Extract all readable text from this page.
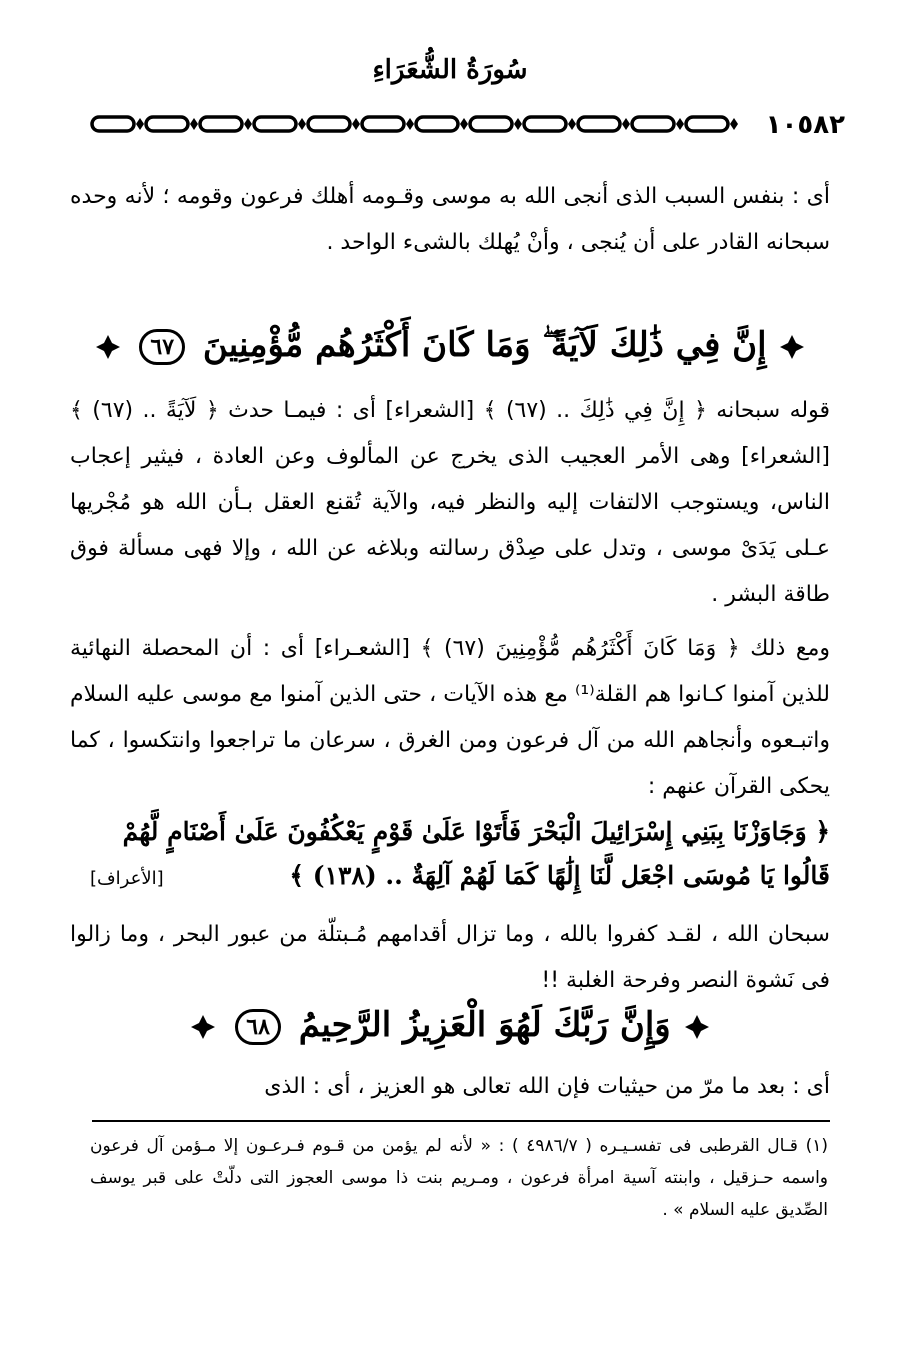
سُورَةُ الشُّعَرَاءِ
١٠٥٨٢
أى : بنفس السبب الذى أنجى الله به موسى وقـومه أهلك فرعون وقومه ؛ لأنه وحده سبحانه القادر على أن يُنجى ، وأنْ يُهلك بالشىء الواحد .
إِنَّ فِي ذَٰلِكَ لَآيَةً ۖ وَمَا كَانَ أَكْثَرُهُم مُّؤْمِنِينَ ٦٧
قوله سبحانه ﴿ إِنَّ فِي ذَٰلِكَ .. (٦٧) ﴾ [الشعراء] أى : فيمـا حدث ﴿ لَآيَةً .. (٦٧) ﴾ [الشعراء] وهى الأمر العجيب الذى يخرج عن المألوف وعن العادة ، فيثير إعجاب الناس، ويستوجب الالتفات إليه والنظر فيه، والآية تُقنع العقل بـأن الله هو مُجْريها عـلى يَدَىْ موسى ، وتدل على صِدْق رسالته وبلاغه عن الله ، وإلا فهى مسألة فوق طاقة البشر .
ومع ذلك ﴿ وَمَا كَانَ أَكْثَرُهُم مُّؤْمِنِينَ (٦٧) ﴾ [الشعـراء] أى : أن المحصلة النهائية للذين آمنوا كـانوا هم القلة⁽¹⁾ مع هذه الآيات ، حتى الذين آمنوا مع موسى عليه السلام واتبـعوه وأنجاهم الله من آل فرعون ومن الغرق ، سرعان ما تراجعوا وانتكسوا ، كما يحكى القرآن عنهم :
﴿ وَجَاوَزْنَا بِبَنِي إِسْرَائِيلَ الْبَحْرَ فَأَتَوْا عَلَىٰ قَوْمٍ يَعْكُفُونَ عَلَىٰ أَصْنَامٍ لَّهُمْ
قَالُوا يَا مُوسَى اجْعَل لَّنَا إِلَٰهًا كَمَا لَهُمْ آلِهَةٌ .. (١٣٨) ﴾
[الأعراف]
سبحان الله ، لقـد كفروا بالله ، وما تزال أقدامهم مُـبتلّة من عبور البحر ، وما زالوا فى نَشوة النصر وفرحة الغلبة !!
وَإِنَّ رَبَّكَ لَهُوَ الْعَزِيزُ الرَّحِيمُ ٦٨
أى : بعد ما مرّ من حيثيات فإن الله تعالى هو العزيز ، أى : الذى
(١) قـال القرطبى فى تفسـيـره ( ٤٩٨٦/٧ ) : « لأنه لم يؤمن من قـوم فـرعـون إلا مـؤمن آل فرعون واسمه حـزقيل ، وابنته آسية امرأة فرعون ، ومـريم بنت ذا موسى العجوز التى دلّتْ على قبر يوسف الصِّديق عليه السلام » .
